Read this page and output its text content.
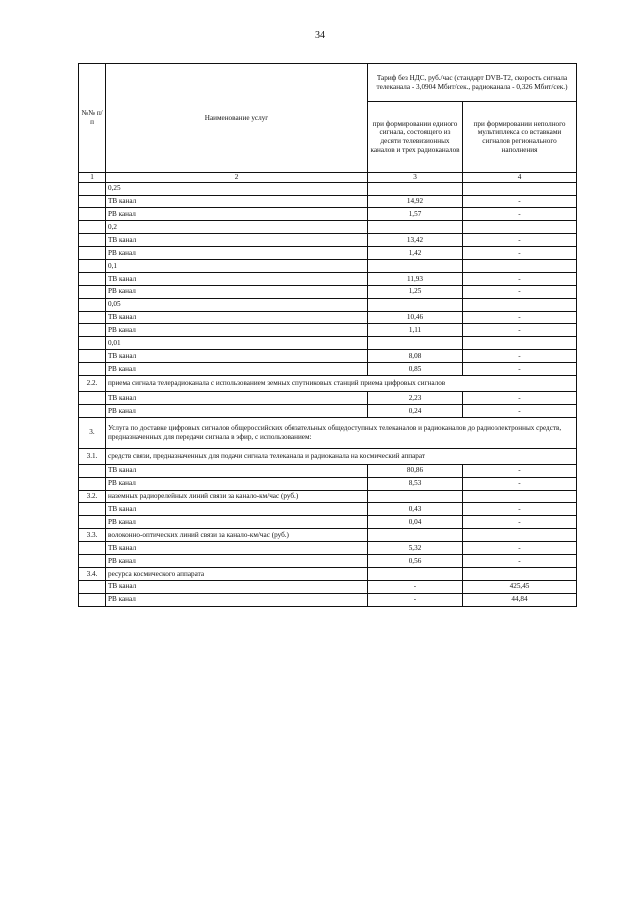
34
№№ п/п	Наименование услуг	Тариф без НДС, руб./час (стандарт DVB-T2, скорость сигнала телеканала - 3,0904 Мбит/сек., радиоканала - 0,326 Мбит/сек.)	
		при формировании единого сигнала, состоящего из десяти телевизионных каналов и трех радиоканалов	при формировании неполного мультиплекса со вставками сигналов регионального наполнения
1	2	3	4
	0,25		
	ТВ канал	14,92	-
	РВ канал	1,57	-
	0,2		
	ТВ канал	13,42	-
	РВ канал	1,42	-
	0,1		
	ТВ канал	11,93	-
	РВ канал	1,25	-
	0,05		
	ТВ канал	10,46	-
	РВ канал	1,11	-
	0,01		
	ТВ канал	8,08	-
	РВ канал	0,85	-
2.2.	приема сигнала телерадиоканала с использованием земных спутниковых станций приема цифровых сигналов		
	ТВ канал	2,23	-
	РВ канал	0,24	-
3.	Услуга по доставке цифровых сигналов общероссийских обязательных общедоступных телеканалов и радиоканалов до радиоэлектронных средств, предназначенных для передачи сигнала в эфир, с использованием:		
3.1.	средств связи, предназначенных для подачи сигнала телеканала и радиоканала на космический аппарат		
	ТВ канал	80,86	-
	РВ канал	8,53	-
3.2.	наземных радиорелейных линий связи за канало-км/час (руб.)		
	ТВ канал	0,43	-
	РВ канал	0,04	-
3.3.	волоконно-оптических линий связи за канало-км/час (руб.)		
	ТВ канал	5,32	-
	РВ канал	0,56	-
3.4.	ресурса космического аппарата		
	ТВ канал	-	425,45
	РВ канал	-	44,84
